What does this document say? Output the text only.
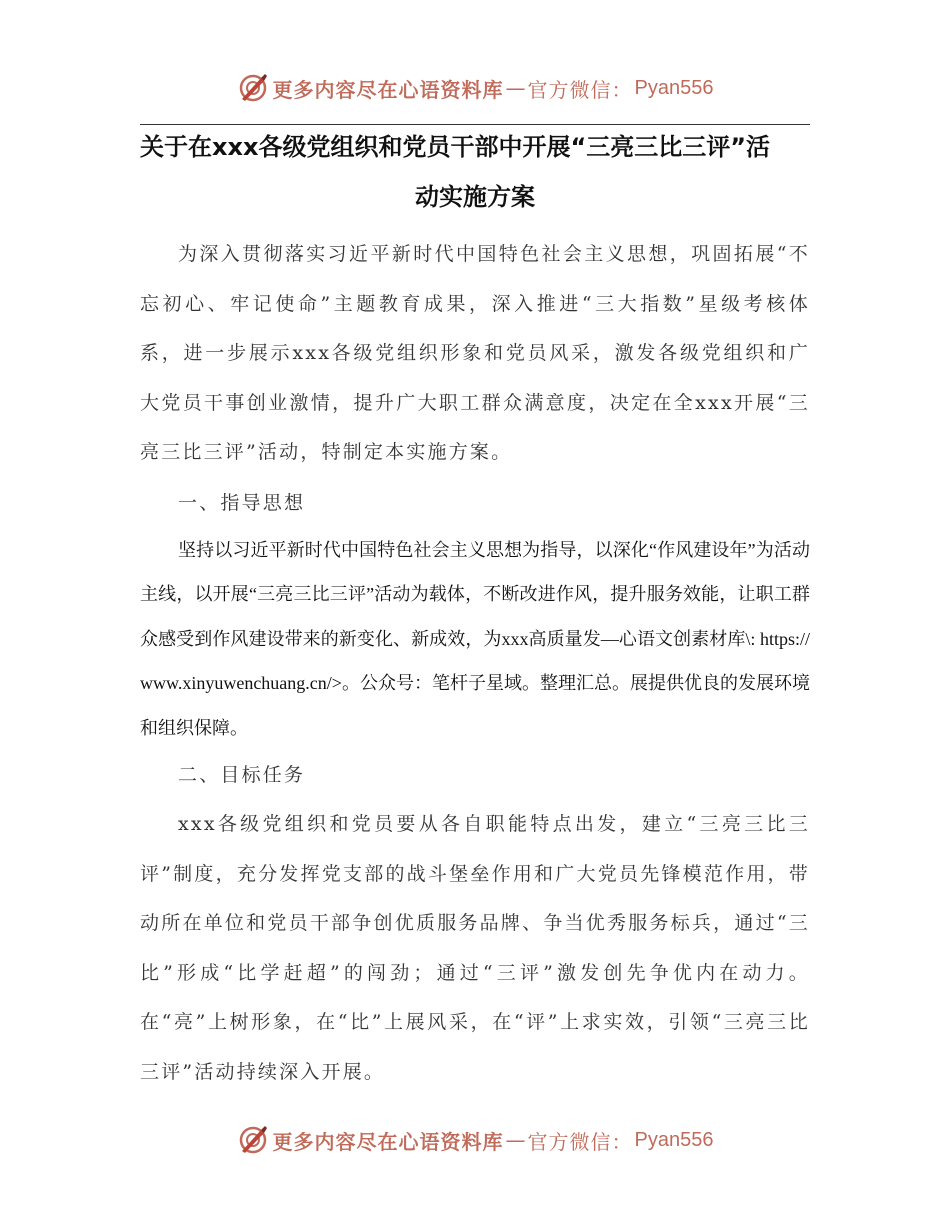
更多内容尽在心语资料库 — 官方微信： Pyan556
关于在xxx各级党组织和党员干部中开展“三亮三比三评”活
动实施方案

为深入贯彻落实习近平新时代中国特色社会主义思想，巩固拓展“不忘初心、牢记使命”主题教育成果，深入推进“三大指数”星级考核体系，进一步展示xxx各级党组织形象和党员风采，激发各级党组织和广大党员干事创业激情，提升广大职工群众满意度，决定在全xxx开展“三亮三比三评”活动，特制定本实施方案。

一、指导思想

坚持以习近平新时代中国特色社会主义思想为指导，以深化“作风建设年”为活动主线，以开展“三亮三比三评”活动为载体，不断改进作风，提升服务效能，让职工群众感受到作风建设带来的新变化、新成效，为xxx高质量发—心语文创素材库\: https://www.xinyuwenchuang.cn/>。公众号：笔杆子星域。整理汇总。展提供优良的发展环境和组织保障。

二、目标任务

xxx各级党组织和党员要从各自职能特点出发，建立“三亮三比三评”制度，充分发挥党支部的战斗堡垒作用和广大党员先锋模范作用，带动所在单位和党员干部争创优质服务品牌、争当优秀服务标兵，通过“三比”形成“比学赶超”的闯劲；通过“三评”激发创先争优内在动力。在“亮”上树形象，在“比”上展风采，在“评”上求实效，引领“三亮三比三评”活动持续深入开展。

更多内容尽在心语资料库 — 官方微信： Pyan556
